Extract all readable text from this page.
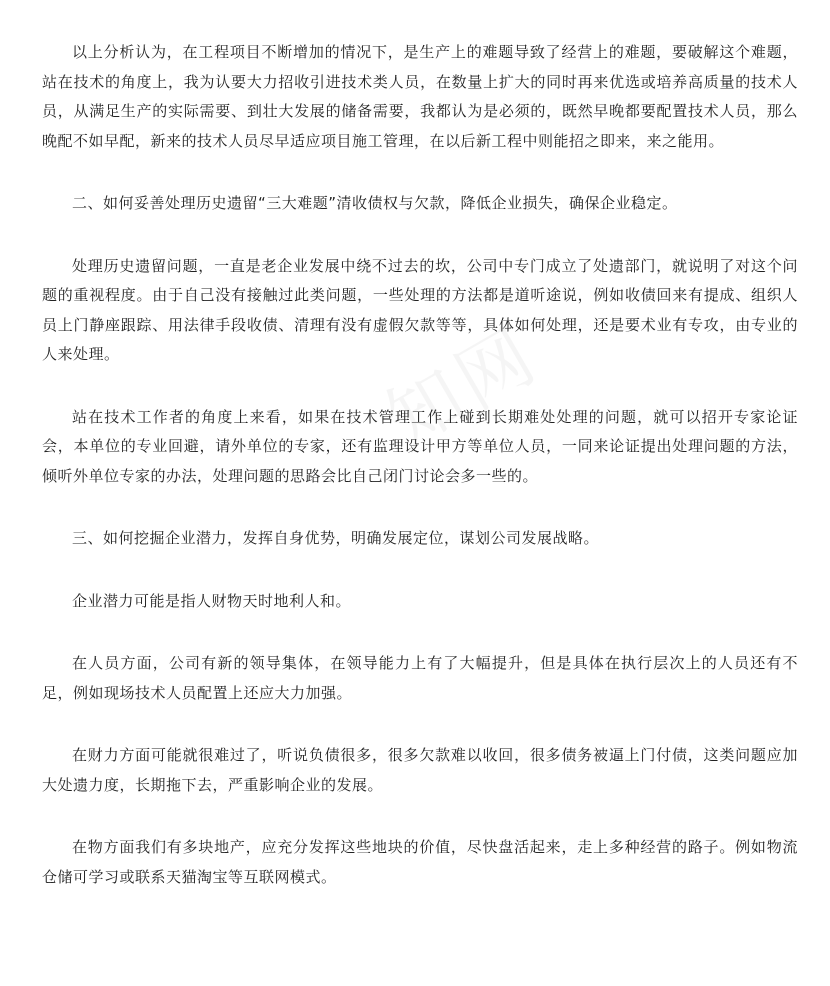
以上分析认为，在工程项目不断增加的情况下，是生产上的难题导致了经营上的难题，要破解这个难题，站在技术的角度上，我为认要大力招收引进技术类人员，在数量上扩大的同时再来优选或培养高质量的技术人员，从满足生产的实际需要、到壮大发展的储备需要，我都认为是必须的，既然早晚都要配置技术人员，那么晚配不如早配，新来的技术人员尽早适应项目施工管理，在以后新工程中则能招之即来，来之能用。

二、如何妥善处理历史遗留“三大难题”清收债权与欠款，降低企业损失，确保企业稳定。

处理历史遗留问题，一直是老企业发展中绕不过去的坎，公司中专门成立了处遗部门，就说明了对这个问题的重视程度。由于自己没有接触过此类问题，一些处理的方法都是道听途说，例如收债回来有提成、组织人员上门静座跟踪、用法律手段收债、清理有没有虚假欠款等等，具体如何处理，还是要术业有专攻，由专业的人来处理。

站在技术工作者的角度上来看，如果在技术管理工作上碰到长期难处处理的问题，就可以招开专家论证会，本单位的专业回避，请外单位的专家，还有监理设计甲方等单位人员，一同来论证提出处理问题的方法，倾听外单位专家的办法，处理问题的思路会比自己闭门讨论会多一些的。

三、如何挖掘企业潜力，发挥自身优势，明确发展定位，谋划公司发展战略。

企业潜力可能是指人财物天时地利人和。

在人员方面，公司有新的领导集体，在领导能力上有了大幅提升，但是具体在执行层次上的人员还有不足，例如现场技术人员配置上还应大力加强。

在财力方面可能就很难过了，听说负债很多，很多欠款难以收回，很多债务被逼上门付债，这类问题应加大处遗力度，长期拖下去，严重影响企业的发展。

在物方面我们有多块地产，应充分发挥这些地块的价值，尽快盘活起来，走上多种经营的路子。例如物流仓储可学习或联系天猫淘宝等互联网模式。
